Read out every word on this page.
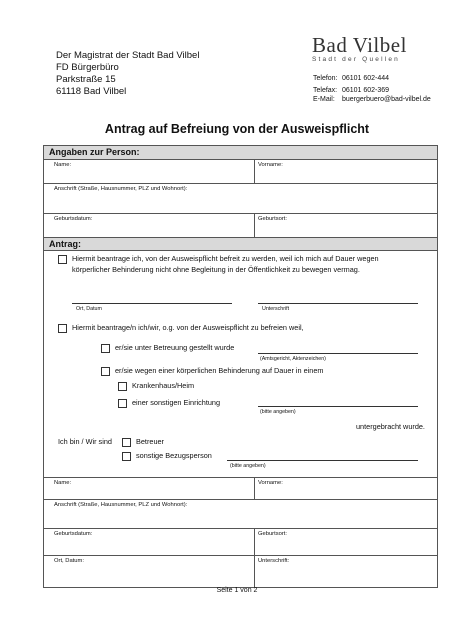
Der Magistrat der Stadt Bad Vilbel
FD Bürgerbüro
Parkstraße 15
61118 Bad Vilbel
Bad Vilbel
Stadt der Quellen
Telefon: 06101 602-444
Telefax: 06101 602-369
E-Mail: buergerbuero@bad-vilbel.de
Antrag auf Befreiung von der Ausweispflicht
Angaben zur Person:
Name:	Vorname:
Anschrift (Straße, Hausnummer, PLZ und Wohnort):
Geburtsdatum:	Geburtsort:
Antrag:
Hiermit beantrage ich, von der Ausweispflicht befreit zu werden, weil ich mich auf Dauer wegen
körperlicher Behinderung nicht ohne Begleitung in der Öffentlichkeit zu bewegen vermag.
Ort, Datum	Unterschrift
Hiermit beantrage/n ich/wir, o.g. von der Ausweispflicht zu befreien weil,
er/sie unter Betreuung gestellt wurde
(Amtsgericht, Aktenzeichen)
er/sie wegen einer körperlichen Behinderung auf Dauer in einem
Krankenhaus/Heim
einer sonstigen Einrichtung
(bitte angeben)
untergebracht wurde.
Ich bin / Wir sind	Betreuer
sonstige Bezugsperson
(bitte angeben)
Name:	Vorname:
Anschrift (Straße, Hausnummer, PLZ und Wohnort):
Geburtsdatum:	Geburtsort:
Ort, Datum:	Unterschrift:
Seite 1 von 2
